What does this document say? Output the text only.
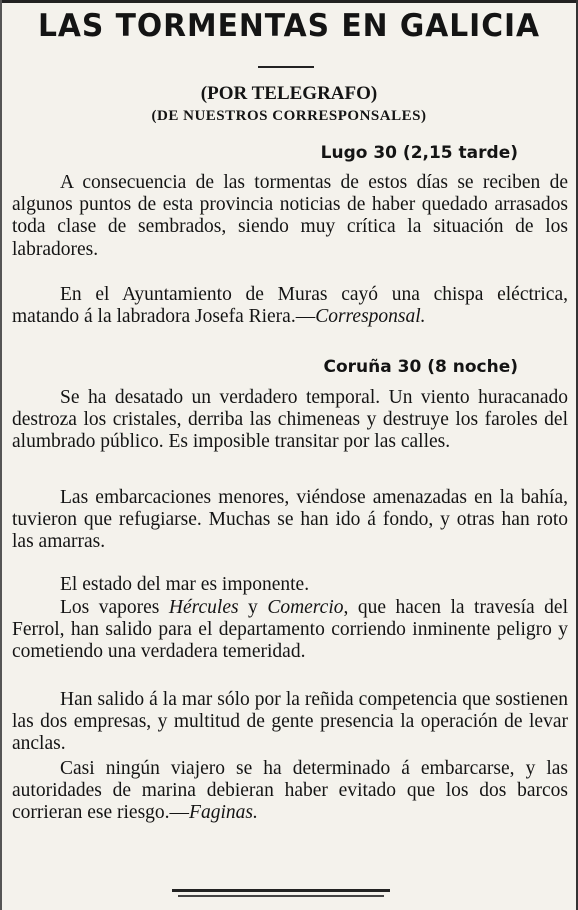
LAS TORMENTAS EN GALICIA
(POR TELEGRAFO)
(DE NUESTROS CORRESPONSALES)
Lugo 30 (2,15 tarde)
A consecuencia de las tormentas de estos días se reciben de algunos puntos de esta provincia noticias de haber quedado arrasados toda clase de sembrados, siendo muy crítica la situación de los labradores.
En el Ayuntamiento de Muras cayó una chispa eléctrica, matando á la labradora Josefa Riera.—Corresponsal.
Coruña 30 (8 noche)
Se ha desatado un verdadero temporal. Un viento huracanado destroza los cristales, derriba las chimeneas y destruye los faroles del alumbrado público. Es imposible transitar por las calles.
Las embarcaciones menores, viéndose amenazadas en la bahía, tuvieron que refugiarse. Muchas se han ido á fondo, y otras han roto las amarras.
El estado del mar es imponente.
Los vapores Hércules y Comercio, que hacen la travesía del Ferrol, han salido para el departamento corriendo inminente peligro y cometiendo una verdadera temeridad.
Han salido á la mar sólo por la reñida competencia que sostienen las dos empresas, y multitud de gente presencia la operación de levar anclas.
Casi ningún viajero se ha determinado á embarcarse, y las autoridades de marina debieran haber evitado que los dos barcos corrieran ese riesgo.—Faginas.
